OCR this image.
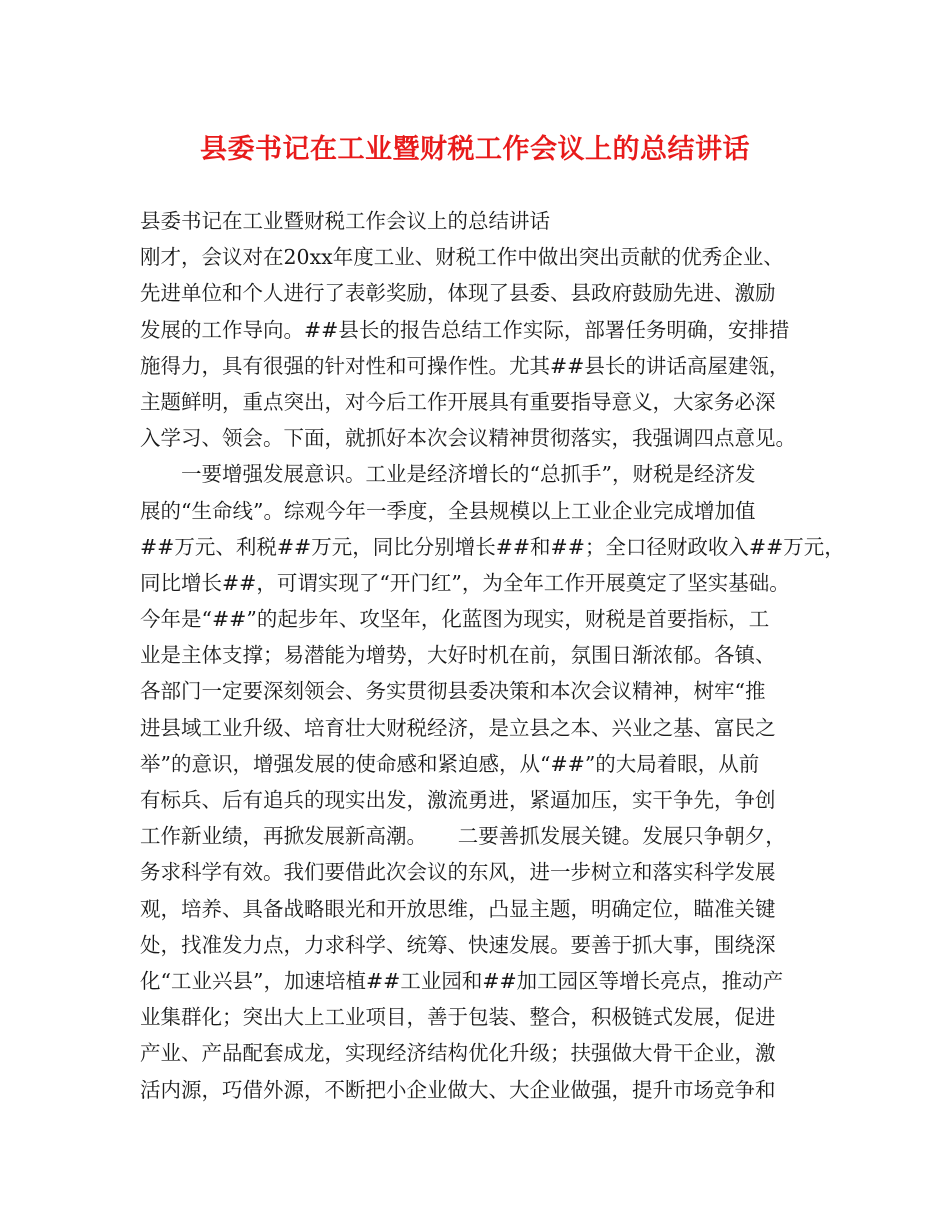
县委书记在工业暨财税工作会议上的总结讲话
县委书记在工业暨财税工作会议上的总结讲话
刚才，会议对在20xx年度工业、财税工作中做出突出贡献的优秀企业、
先进单位和个人进行了表彰奖励，体现了县委、县政府鼓励先进、激励
发展的工作导向。##县长的报告总结工作实际，部署任务明确，安排措
施得力，具有很强的针对性和可操作性。尤其##县长的讲话高屋建瓴，
主题鲜明，重点突出，对今后工作开展具有重要指导意义，大家务必深
入学习、领会。下面，就抓好本次会议精神贯彻落实，我强调四点意见。
　　一要增强发展意识。工业是经济增长的“总抓手”，财税是经济发
展的“生命线”。综观今年一季度，全县规模以上工业企业完成增加值
##万元、利税##万元，同比分别增长##和##；全口径财政收入##万元，
同比增长##，可谓实现了“开门红”，为全年工作开展奠定了坚实基础。
今年是“##”的起步年、攻坚年，化蓝图为现实，财税是首要指标，工
业是主体支撑；易潜能为增势，大好时机在前，氛围日渐浓郁。各镇、
各部门一定要深刻领会、务实贯彻县委决策和本次会议精神，树牢“推
进县域工业升级、培育壮大财税经济，是立县之本、兴业之基、富民之
举”的意识，增强发展的使命感和紧迫感，从“##”的大局着眼，从前
有标兵、后有追兵的现实出发，激流勇进，紧逼加压，实干争先，争创
工作新业绩，再掀发展新高潮。　　二要善抓发展关键。发展只争朝夕，
务求科学有效。我们要借此次会议的东风，进一步树立和落实科学发展
观，培养、具备战略眼光和开放思维，凸显主题，明确定位，瞄准关键
处，找准发力点，力求科学、统筹、快速发展。要善于抓大事，围绕深
化“工业兴县”，加速培植##工业园和##加工园区等增长亮点，推动产
业集群化；突出大上工业项目，善于包装、整合，积极链式发展，促进
产业、产品配套成龙，实现经济结构优化升级；扶强做大骨干企业，激
活内源，巧借外源，不断把小企业做大、大企业做强，提升市场竞争和
